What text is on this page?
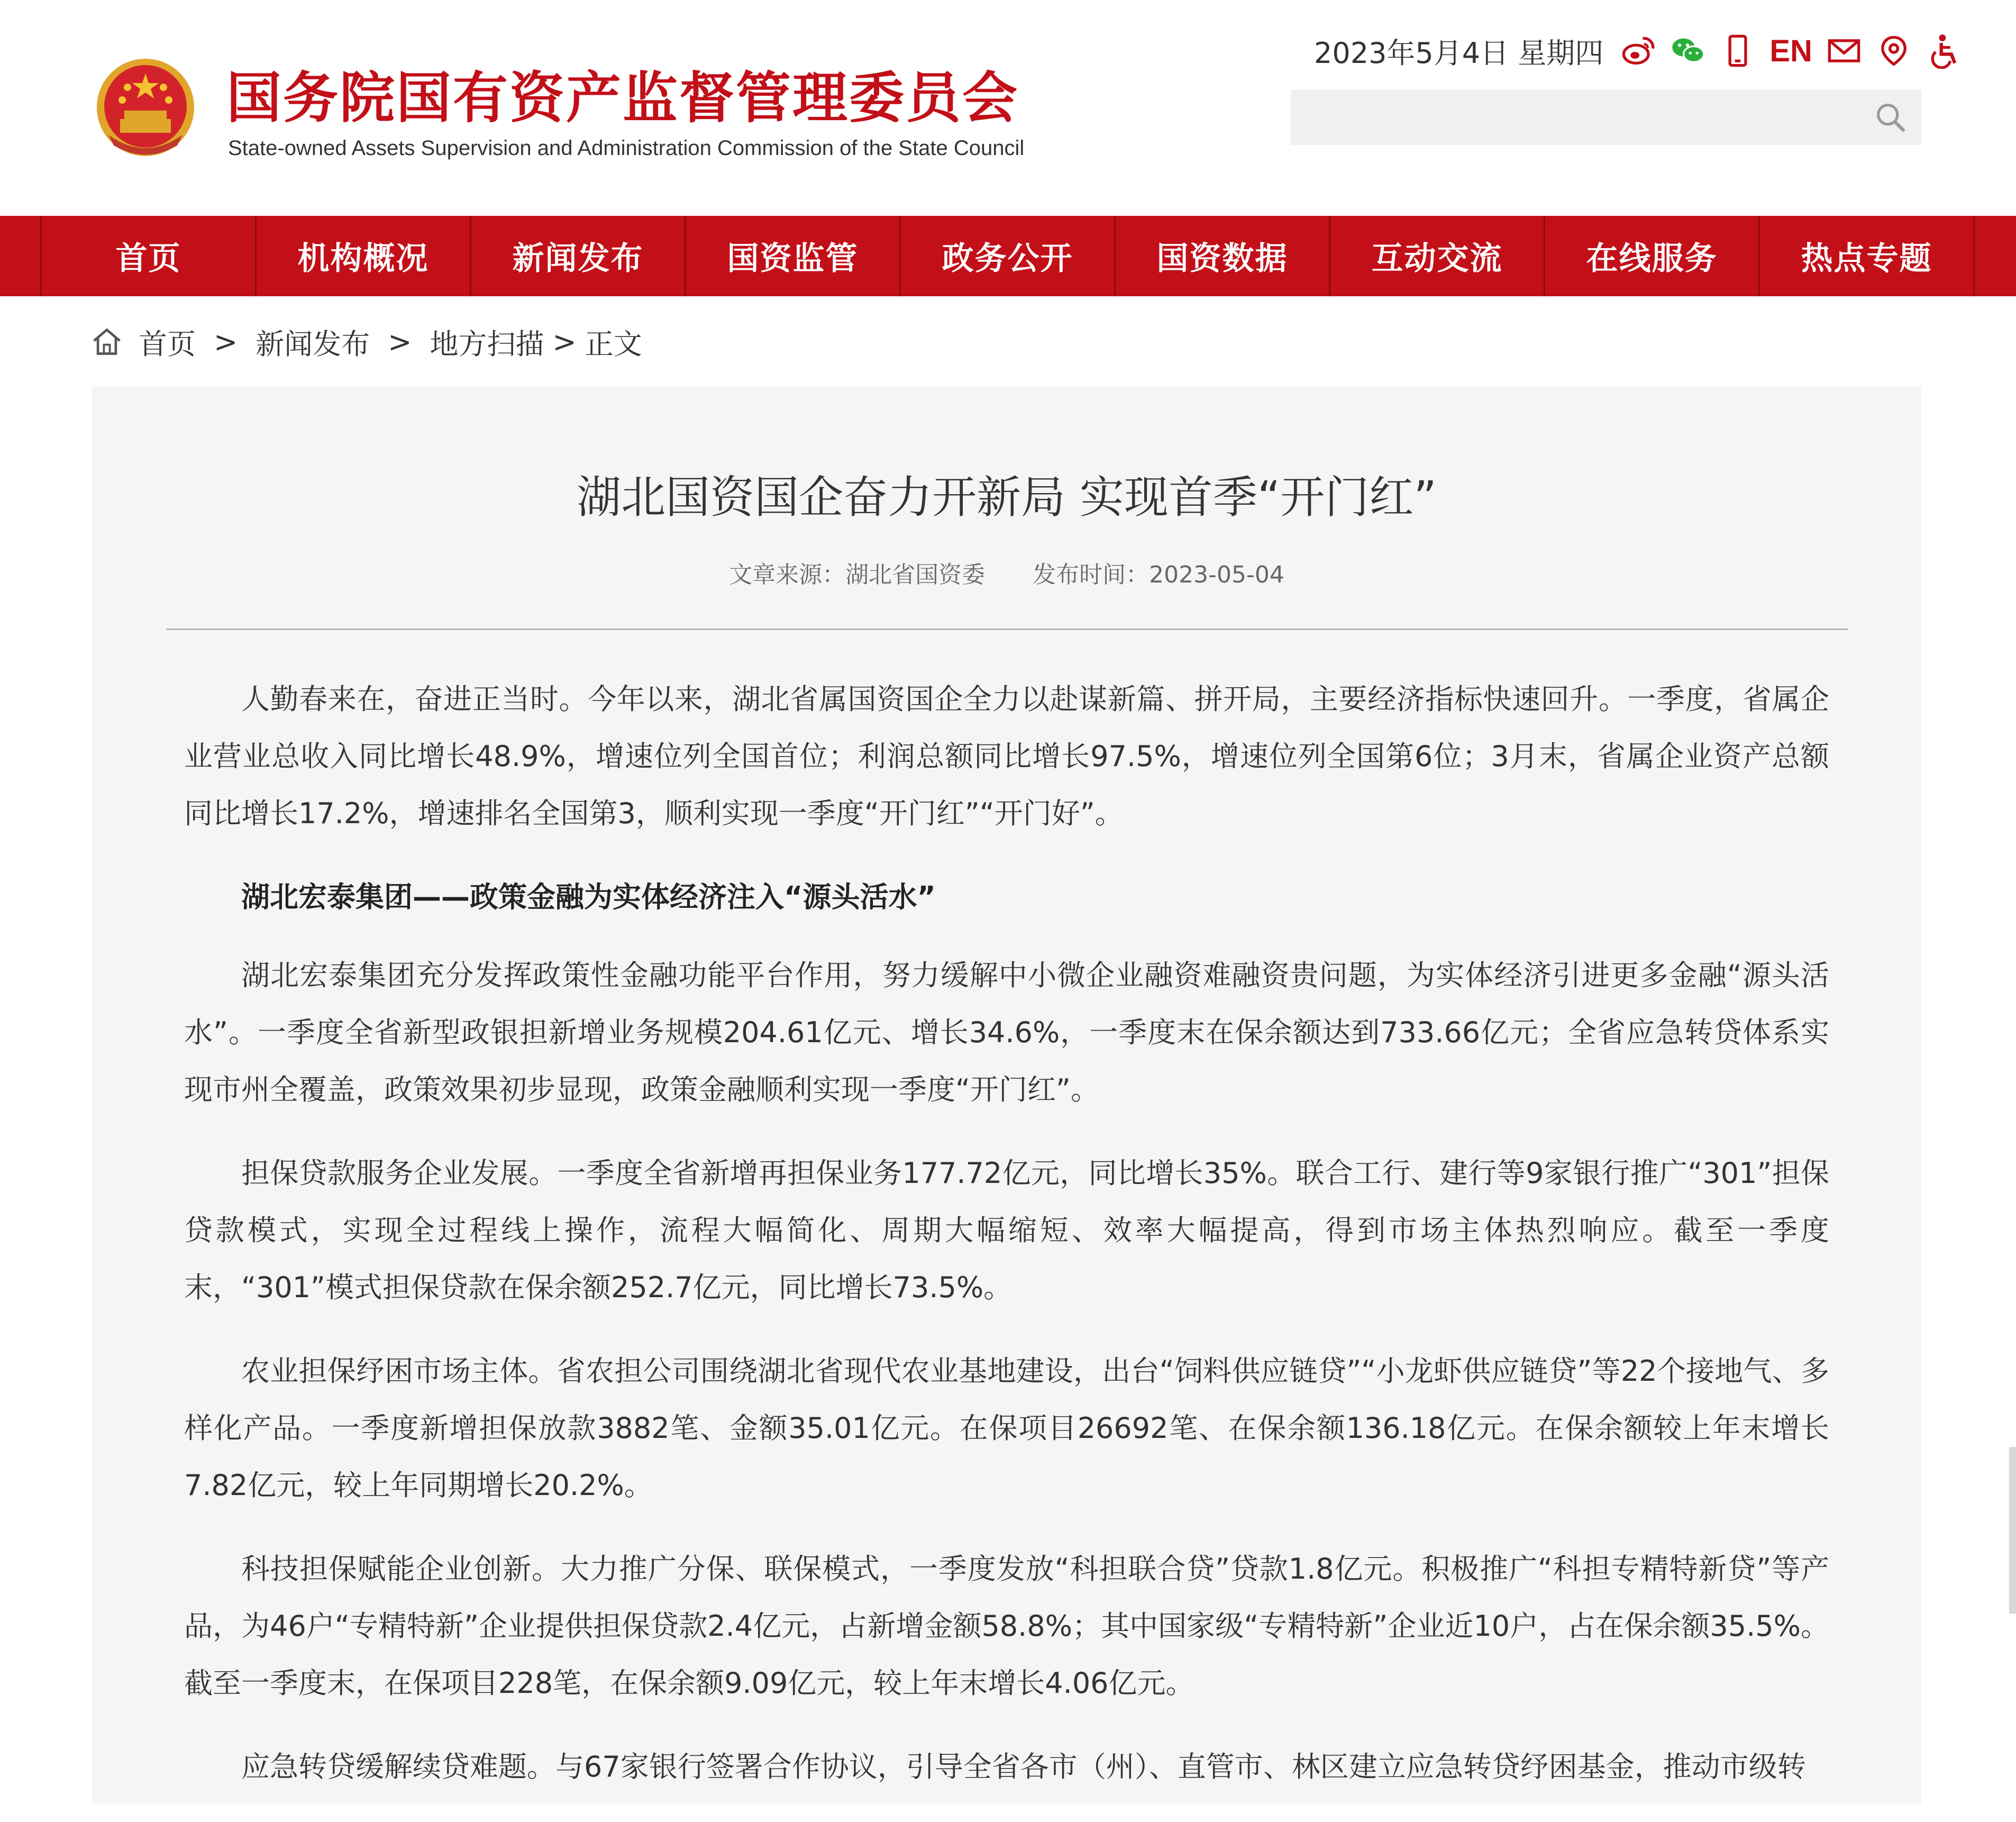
国务院国有资产监督管理委员会
State-owned Assets Supervision and Administration Commission of the State Council
2023年5月4日 星期四	EN
首页	机构概况	新闻发布	国资监管	政务公开	国资数据	互动交流	在线服务	热点专题
首页 > 新闻发布 > 地方扫描 > 正文
湖北国资国企奋力开新局 实现首季“开门红”
文章来源：湖北省国资委 发布时间：2023-05-04

人勤春来在，奋进正当时。今年以来，湖北省属国资国企全力以赴谋新篇、拼开局，主要经济指标快速回升。一季度，省属企业营业总收入同比增长48.9%，增速位列全国首位；利润总额同比增长97.5%，增速位列全国第6位；3月末，省属企业资产总额同比增长17.2%，增速排名全国第3，顺利实现一季度“开门红”“开门好”。

湖北宏泰集团——政策金融为实体经济注入“源头活水”

湖北宏泰集团充分发挥政策性金融功能平台作用，努力缓解中小微企业融资难融资贵问题，为实体经济引进更多金融“源头活水”。一季度全省新型政银担新增业务规模204.61亿元、增长34.6%，一季度末在保余额达到733.66亿元；全省应急转贷体系实现市州全覆盖，政策效果初步显现，政策金融顺利实现一季度“开门红”。

担保贷款服务企业发展。一季度全省新增再担保业务177.72亿元，同比增长35%。联合工行、建行等9家银行推广“301”担保贷款模式，实现全过程线上操作，流程大幅简化、周期大幅缩短、效率大幅提高，得到市场主体热烈响应。截至一季度末，“301”模式担保贷款在保余额252.7亿元，同比增长73.5%。

农业担保纾困市场主体。省农担公司围绕湖北省现代农业基地建设，出台“饲料供应链贷”“小龙虾供应链贷”等22个接地气、多样化产品。一季度新增担保放款3882笔、金额35.01亿元。在保项目26692笔、在保余额136.18亿元。在保余额较上年末增长7.82亿元，较上年同期增长20.2%。

科技担保赋能企业创新。大力推广分保、联保模式，一季度发放“科担联合贷”贷款1.8亿元。积极推广“科担专精特新贷”等产品，为46户“专精特新”企业提供担保贷款2.4亿元，占新增金额58.8%；其中国家级“专精特新”企业近10户，占在保余额35.5%。截至一季度末，在保项目228笔，在保余额9.09亿元，较上年末增长4.06亿元。

应急转贷缓解续贷难题。与67家银行签署合作协议，引导全省各市（州）、直管市、林区建立应急转贷纾困基金，推动市级转
